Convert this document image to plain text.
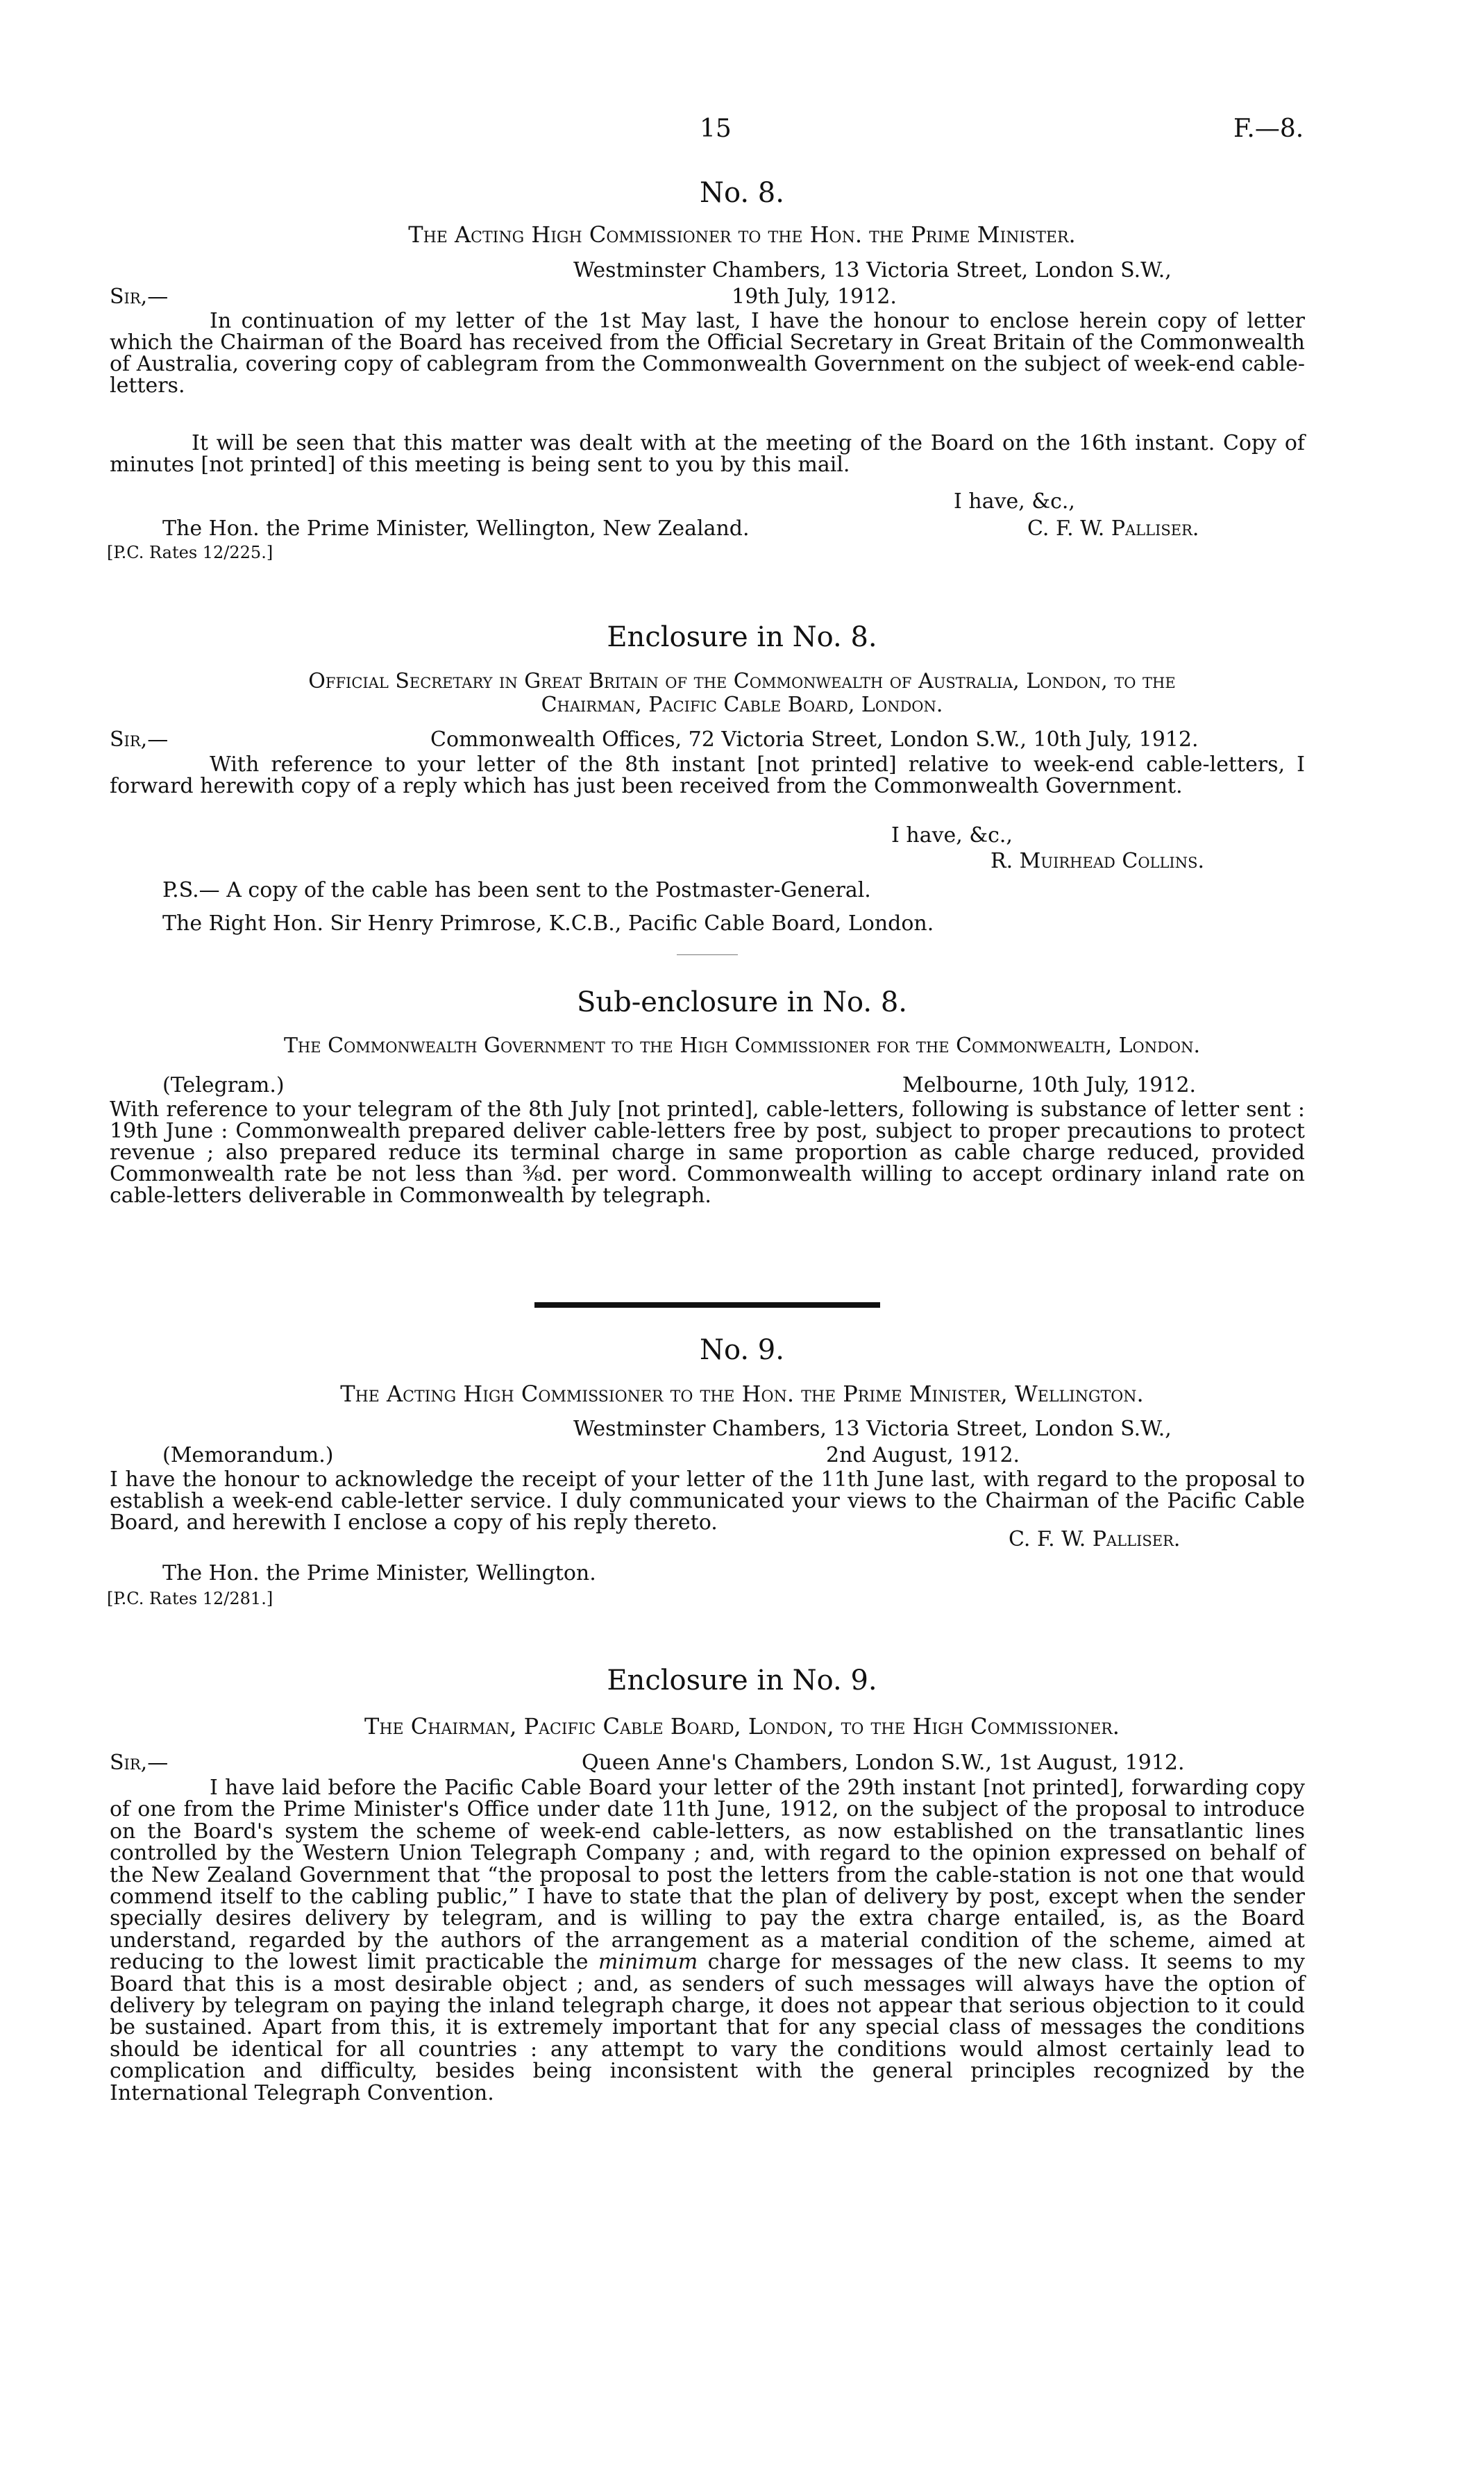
15	F.—8.
No. 8.
The Acting High Commissioner to the Hon. the Prime Minister.
Westminster Chambers, 13 Victoria Street, London S.W.,
Sir,—	19th July, 1912.
In continuation of my letter of the 1st May last, I have the honour to enclose herein copy of letter which the Chairman of the Board has received from the Official Secretary in Great Britain of the Commonwealth of Australia, covering copy of cablegram from the Commonwealth Government on the subject of week-end cable-letters.
It will be seen that this matter was dealt with at the meeting of the Board on the 16th instant. Copy of minutes [not printed] of this meeting is being sent to you by this mail.
I have, &c.,
The Hon. the Prime Minister, Wellington, New Zealand.	C. F. W. Palliser.
[P.C. Rates 12/225.]
Enclosure in No. 8.
Official Secretary in Great Britain of the Commonwealth of Australia, London, to the
Chairman, Pacific Cable Board, London.
Sir,—	Commonwealth Offices, 72 Victoria Street, London S.W., 10th July, 1912.
With reference to your letter of the 8th instant [not printed] relative to week-end cable-letters, I forward herewith copy of a reply which has just been received from the Commonwealth Government.
I have, &c.,
R. Muirhead Collins.
P.S.— A copy of the cable has been sent to the Postmaster-General.
The Right Hon. Sir Henry Primrose, K.C.B., Pacific Cable Board, London.
Sub-enclosure in No. 8.
The Commonwealth Government to the High Commissioner for the Commonwealth, London.
(Telegram.)	Melbourne, 10th July, 1912.
With reference to your telegram of the 8th July [not printed], cable-letters, following is substance of letter sent : 19th June : Commonwealth prepared deliver cable-letters free by post, subject to proper precautions to protect revenue ; also prepared reduce its terminal charge in same proportion as cable charge reduced, provided Commonwealth rate be not less than ⅜d. per word. Commonwealth willing to accept ordinary inland rate on cable-letters deliverable in Commonwealth by telegraph.
No. 9.
The Acting High Commissioner to the Hon. the Prime Minister, Wellington.
Westminster Chambers, 13 Victoria Street, London S.W.,
(Memorandum.)	2nd August, 1912.
I have the honour to acknowledge the receipt of your letter of the 11th June last, with regard to the proposal to establish a week-end cable-letter service. I duly communicated your views to the Chairman of the Pacific Cable Board, and herewith I enclose a copy of his reply thereto.
C. F. W. Palliser.
The Hon. the Prime Minister, Wellington.
[P.C. Rates 12/281.]
Enclosure in No. 9.
The Chairman, Pacific Cable Board, London, to the High Commissioner.
Sir,—	Queen Anne's Chambers, London S.W., 1st August, 1912.
I have laid before the Pacific Cable Board your letter of the 29th instant [not printed], forwarding copy of one from the Prime Minister's Office under date 11th June, 1912, on the subject of the proposal to introduce on the Board's system the scheme of week-end cable-letters, as now established on the transatlantic lines controlled by the Western Union Telegraph Company ; and, with regard to the opinion expressed on behalf of the New Zealand Government that “the proposal to post the letters from the cable-station is not one that would commend itself to the cabling public,” I have to state that the plan of delivery by post, except when the sender specially desires delivery by telegram, and is willing to pay the extra charge entailed, is, as the Board understand, regarded by the authors of the arrangement as a material condition of the scheme, aimed at reducing to the lowest limit practicable the minimum charge for messages of the new class. It seems to my Board that this is a most desirable object ; and, as senders of such messages will always have the option of delivery by telegram on paying the inland telegraph charge, it does not appear that serious objection to it could be sustained. Apart from this, it is extremely important that for any special class of messages the conditions should be identical for all countries : any attempt to vary the conditions would almost certainly lead to complication and difficulty, besides being inconsistent with the general principles recognized by the International Telegraph Convention.
